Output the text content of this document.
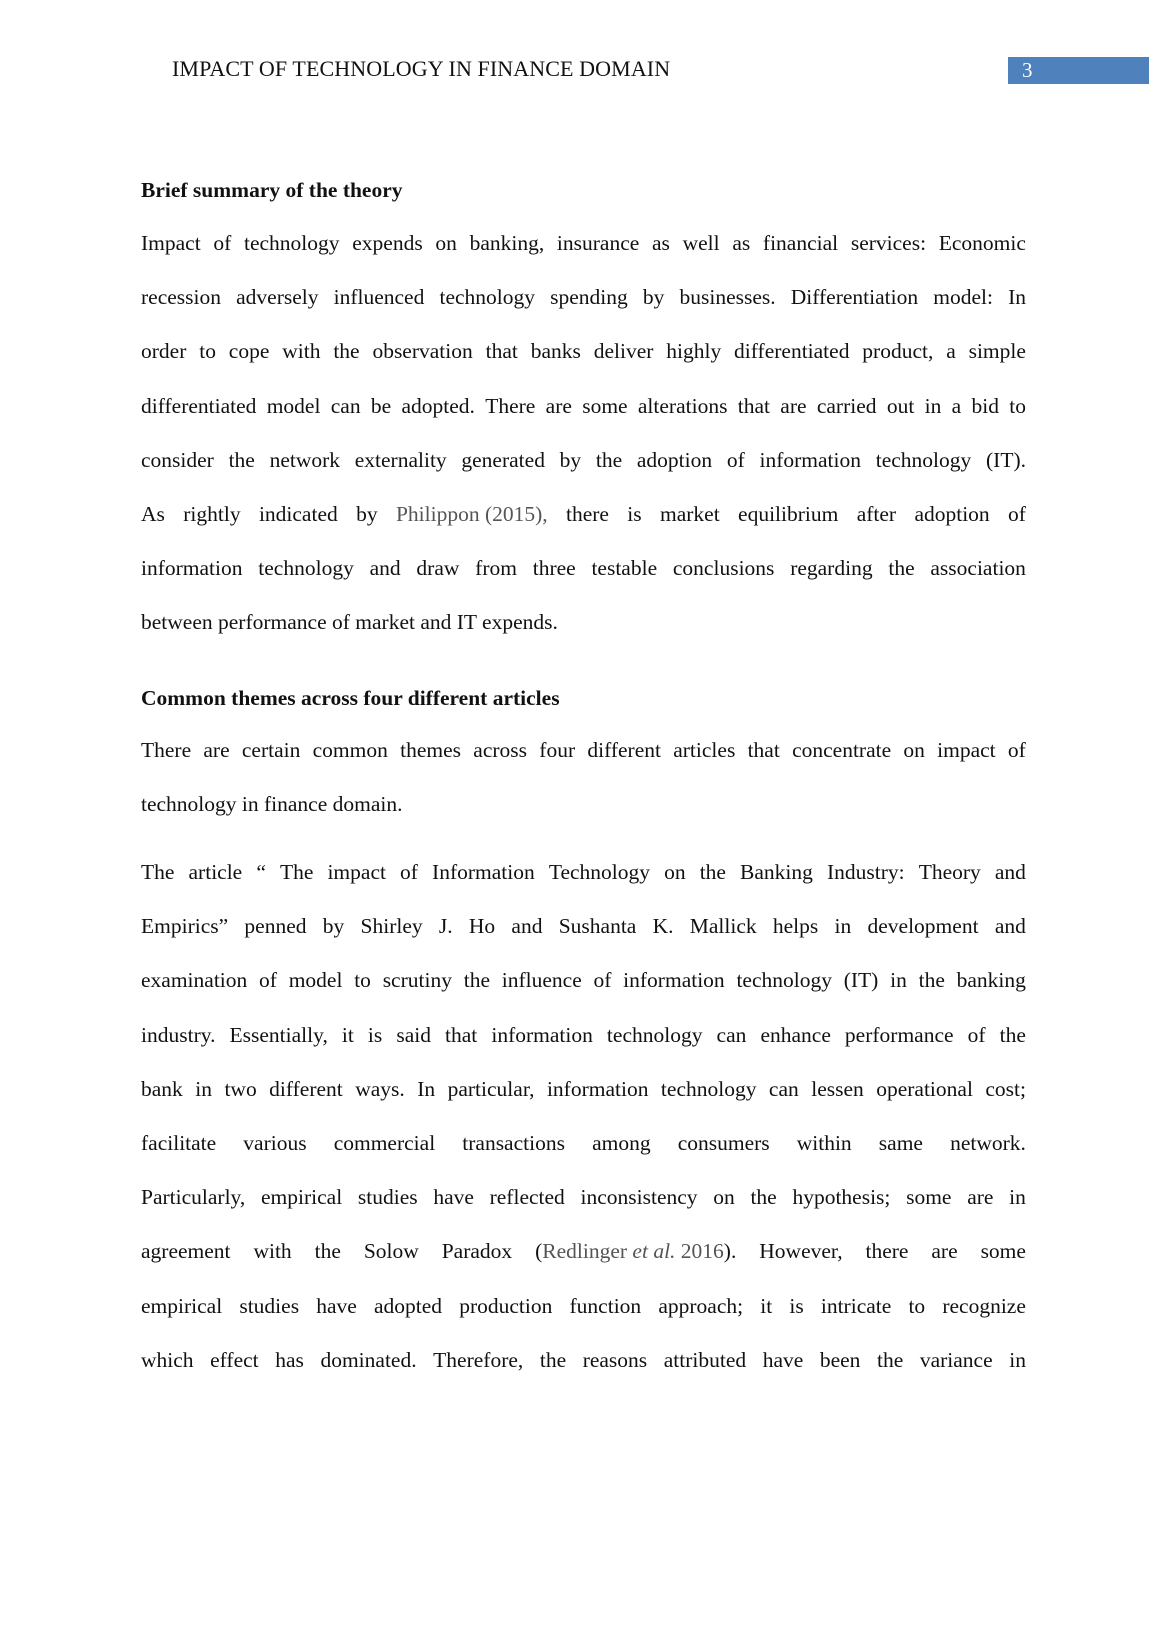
IMPACT OF TECHNOLOGY IN FINANCE DOMAIN	3
Brief summary of the theory
Impact of technology expends on banking, insurance as well as financial services: Economic
recession adversely influenced technology spending by businesses. Differentiation model: In
order to cope with the observation that banks deliver highly differentiated product, a simple
differentiated model can be adopted. There are some alterations that are carried out in a bid to
consider the network externality generated by the adoption of information technology (IT).
As rightly indicated by Philippon (2015), there is market equilibrium after adoption of
information technology and draw from three testable conclusions regarding the association
between performance of market and IT expends.
Common themes across four different articles
There are certain common themes across four different articles that concentrate on impact of
technology in finance domain.
The article “ The impact of Information Technology on the Banking Industry: Theory and
Empirics” penned by Shirley J. Ho and Sushanta K. Mallick helps in development and
examination of model to scrutiny the influence of information technology (IT) in the banking
industry. Essentially, it is said that information technology can enhance performance of the
bank in two different ways. In particular, information technology can lessen operational cost;
facilitate various commercial transactions among consumers within same network.
Particularly, empirical studies have reflected inconsistency on the hypothesis; some are in
agreement with the Solow Paradox (Redlinger et al. 2016). However, there are some
empirical studies have adopted production function approach; it is intricate to recognize
which effect has dominated. Therefore, the reasons attributed have been the variance in
